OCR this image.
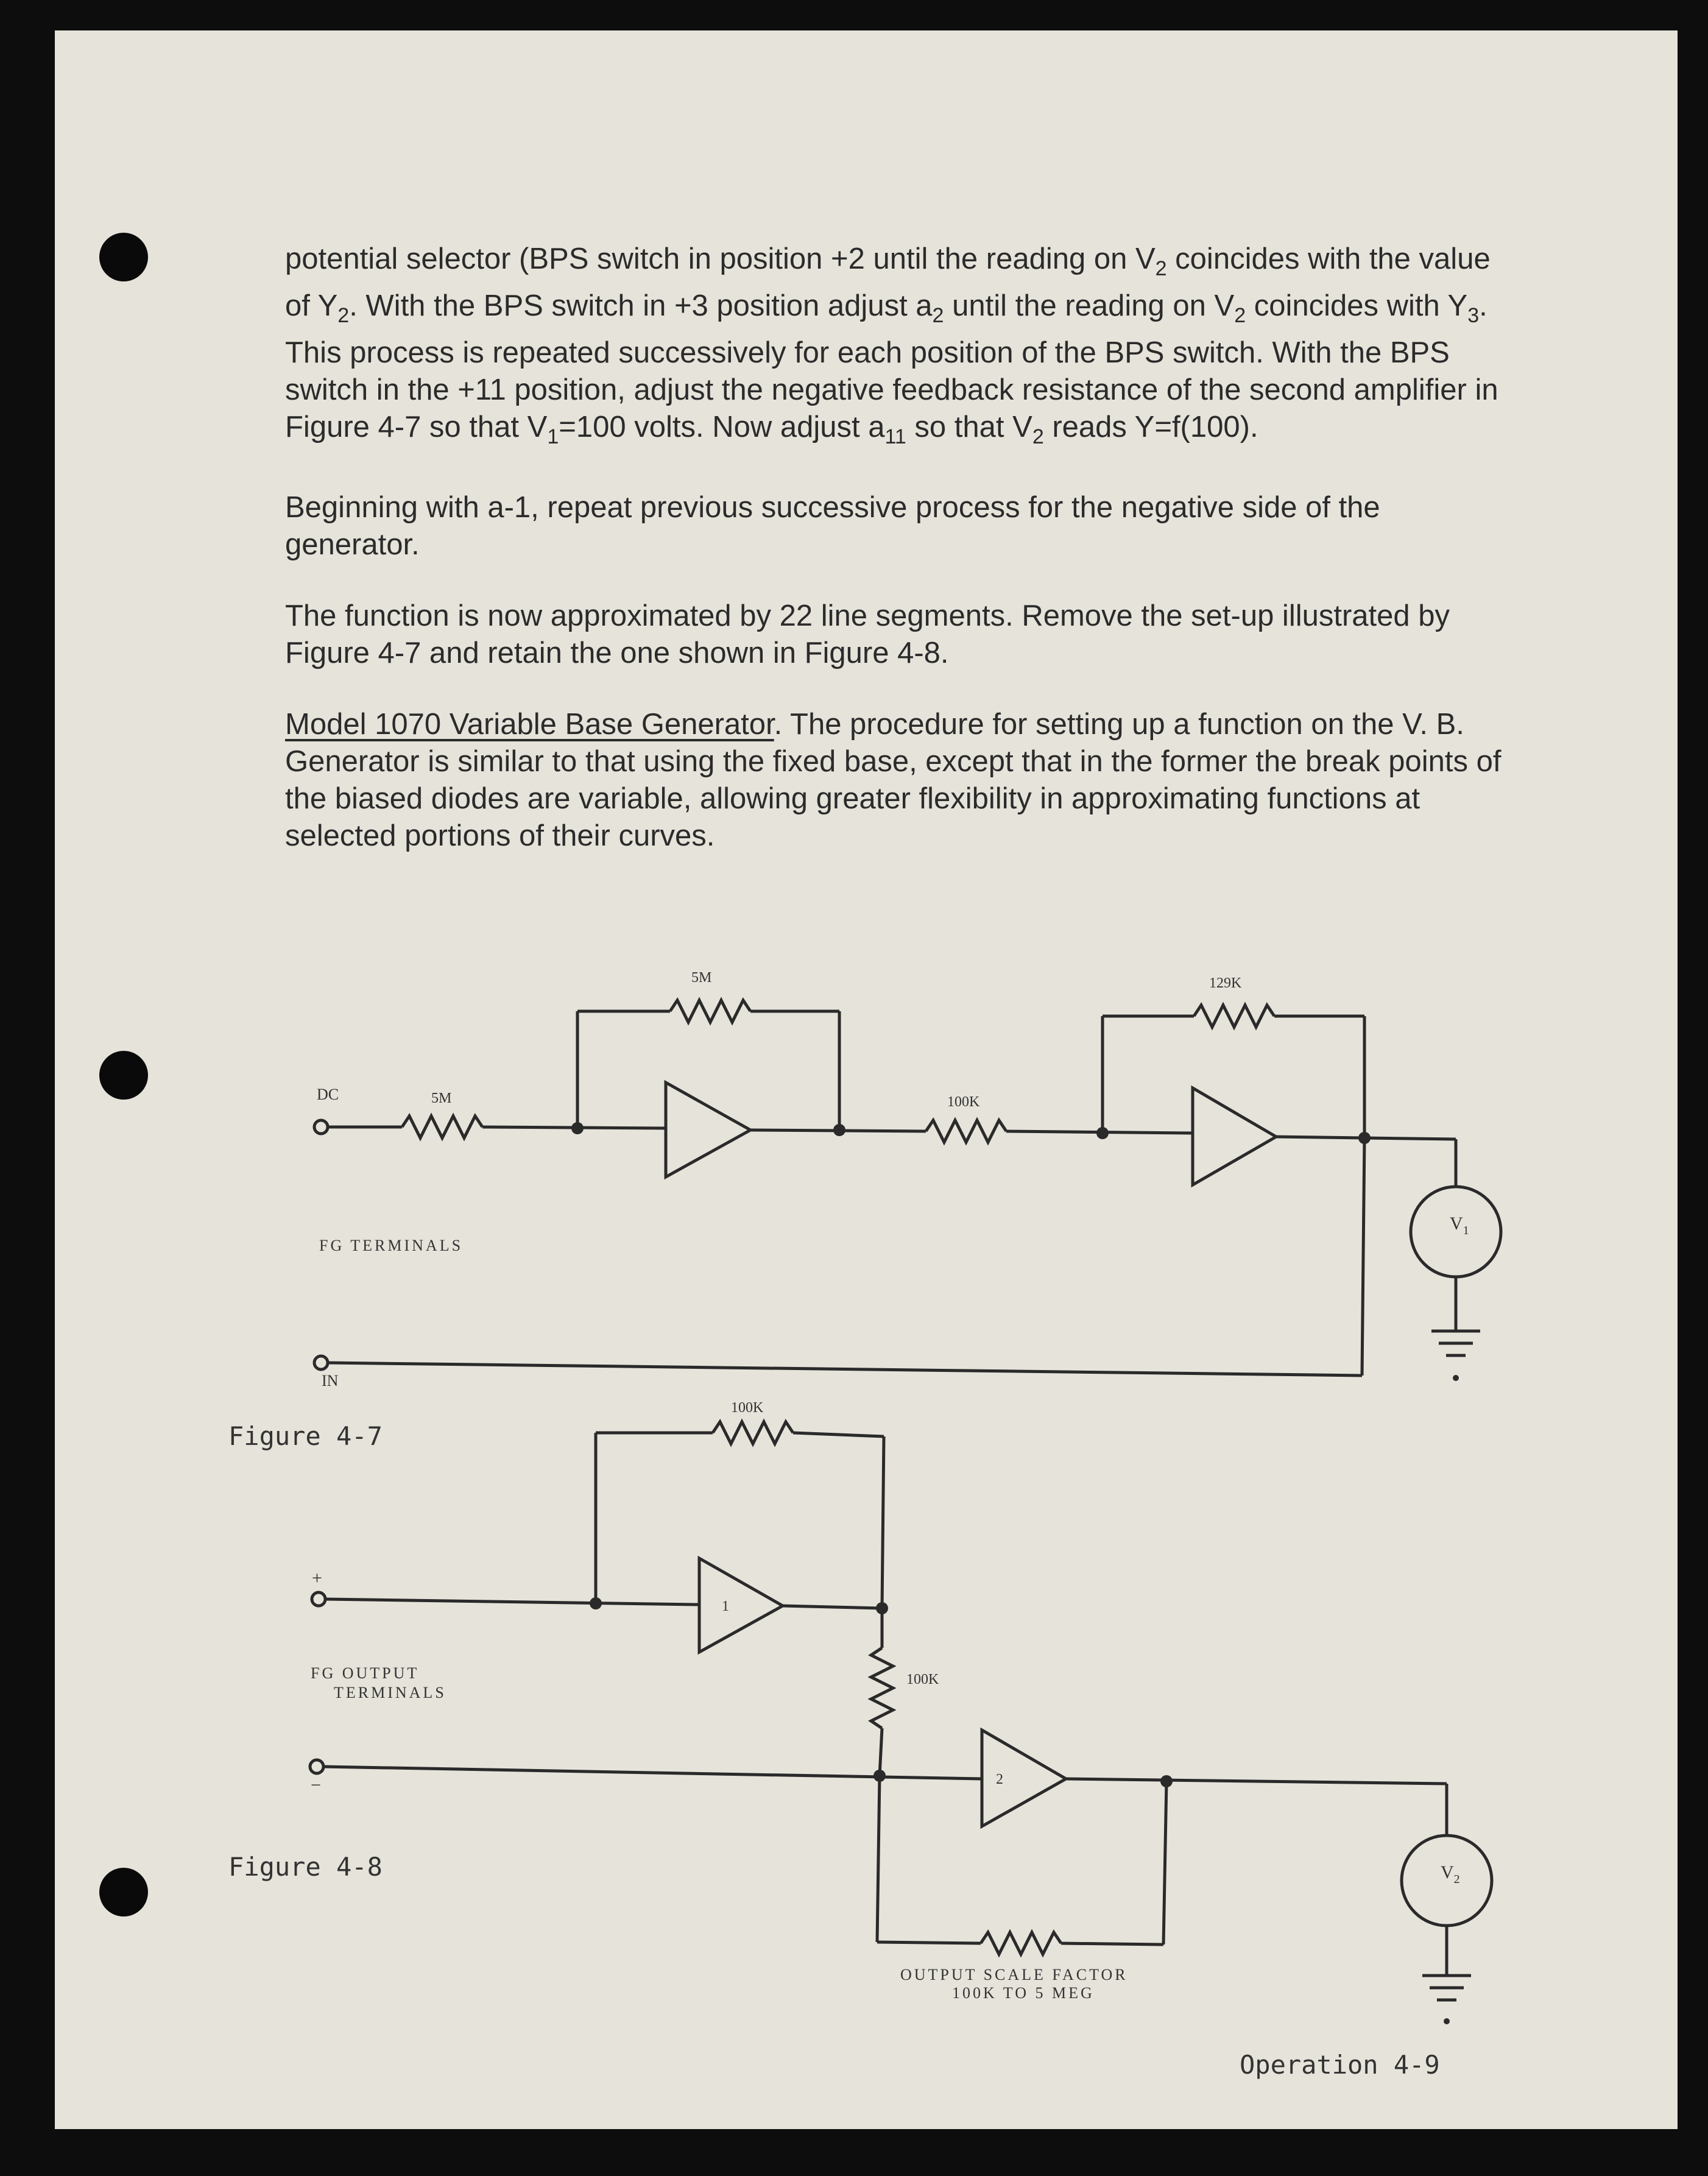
potential selector (BPS switch in position +2 until the reading on $V_2$ coincides with the value of $Y_2$. With the BPS switch in +3 position adjust $a_2$ until the reading on $V_2$ coincides with $Y_3$. This process is repeated successively for each position of the BPS switch. With the BPS switch in the +11 position, adjust the negative feedback resistance of the second amplifier in Figure 4-7 so that $V_1=100$ volts. Now adjust $a_{11}$ so that $V_2$ reads Y=f(100).

Beginning with a-1, repeat previous successive process for the negative side of the generator.

The function is now approximated by 22 line segments. Remove the set-up illustrated by Figure 4-7 and retain the one shown in Figure 4-8.

Model 1070 Variable Base Generator. The procedure for setting up a function on the V. B. Generator is similar to that using the fixed base, except that in the former the break points of the biased diodes are variable, allowing greater flexibility in approximating functions at selected portions of their curves.

DC	5M
5M
100K
129K
FG TERMINALS
IN
$V_1$
Figure 4-7
+
−
100K
100K
1
2
FG OUTPUT
TERMINALS
OUTPUT SCALE FACTOR
100K TO 5 MEG
$V_2$
Figure 4-8
Operation 4-9
